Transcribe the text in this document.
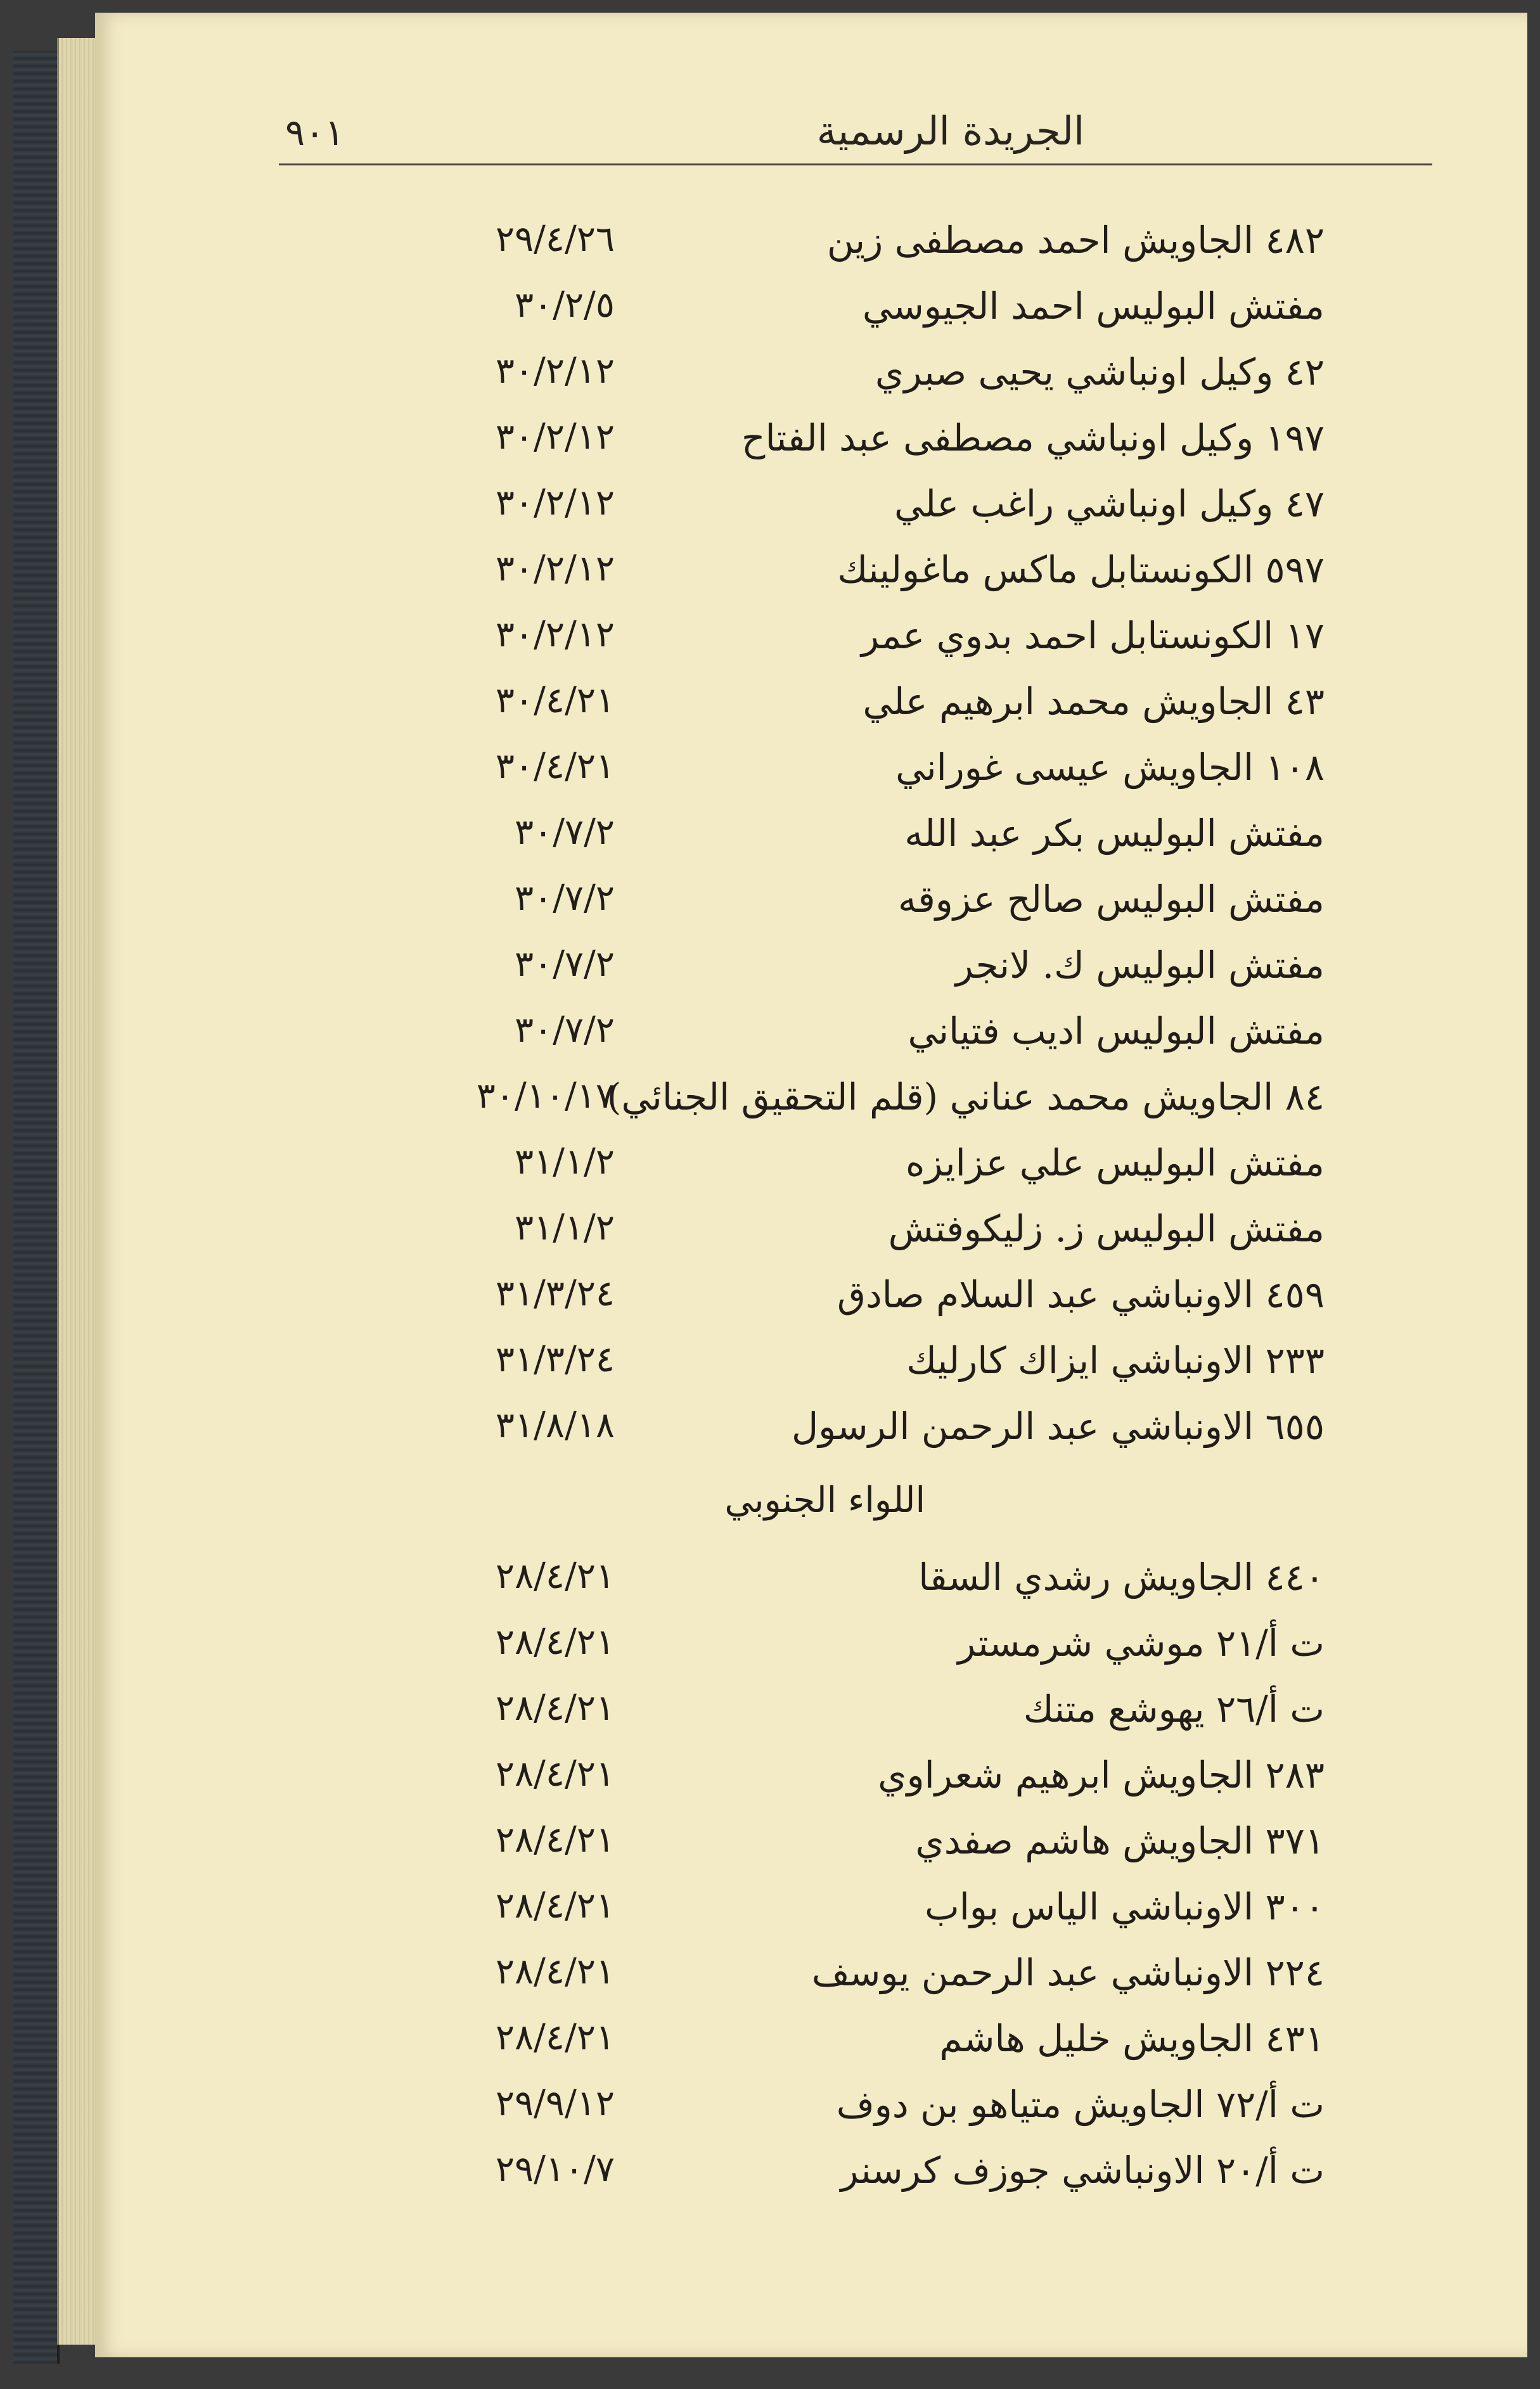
٩٠١	الجريدة الرسمية
٤٨٢ الجاويش احمد مصطفى زين
٢٩/٤/٢٦
مفتش البوليس احمد الجيوسي
٣٠/٢/٥
٤٢ وكيل اونباشي يحيى صبري
٣٠/٢/١٢
١٩٧ وكيل اونباشي مصطفى عبد الفتاح
٣٠/٢/١٢
٤٧ وكيل اونباشي راغب علي
٣٠/٢/١٢
٥٩٧ الكونستابل ماكس ماغولينك
٣٠/٢/١٢
١٧ الكونستابل احمد بدوي عمر
٣٠/٢/١٢
٤٣ الجاويش محمد ابرهيم علي
٣٠/٤/٢١
١٠٨ الجاويش عيسى غوراني
٣٠/٤/٢١
مفتش البوليس بكر عبد الله
٣٠/٧/٢
مفتش البوليس صالح عزوقه
٣٠/٧/٢
مفتش البوليس ك. لانجر
٣٠/٧/٢
مفتش البوليس اديب فتياني
٣٠/٧/٢
٨٤ الجاويش محمد عناني (قلم التحقيق الجنائي)
٣٠/١٠/١٧
مفتش البوليس علي عزايزه
٣١/١/٢
مفتش البوليس ز. زليكوفتش
٣١/١/٢
٤٥٩ الاونباشي عبد السلام صادق
٣١/٣/٢٤
٢٣٣ الاونباشي ايزاك كارليك
٣١/٣/٢٤
٦٥٥ الاونباشي عبد الرحمن الرسول
٣١/٨/١٨
اللواء الجنوبي
٤٤٠ الجاويش رشدي السقا
٢٨/٤/٢١
ت أ/٢١ موشي شرمستر
٢٨/٤/٢١
ت أ/٢٦ يهوشع متنك
٢٨/٤/٢١
٢٨٣ الجاويش ابرهيم شعراوي
٢٨/٤/٢١
٣٧١ الجاويش هاشم صفدي
٢٨/٤/٢١
٣٠٠ الاونباشي الياس بواب
٢٨/٤/٢١
٢٢٤ الاونباشي عبد الرحمن يوسف
٢٨/٤/٢١
٤٣١ الجاويش خليل هاشم
٢٨/٤/٢١
ت أ/٧٢ الجاويش متياهو بن دوف
٢٩/٩/١٢
ت أ/٢٠ الاونباشي جوزف كرسنر
٢٩/١٠/٧
